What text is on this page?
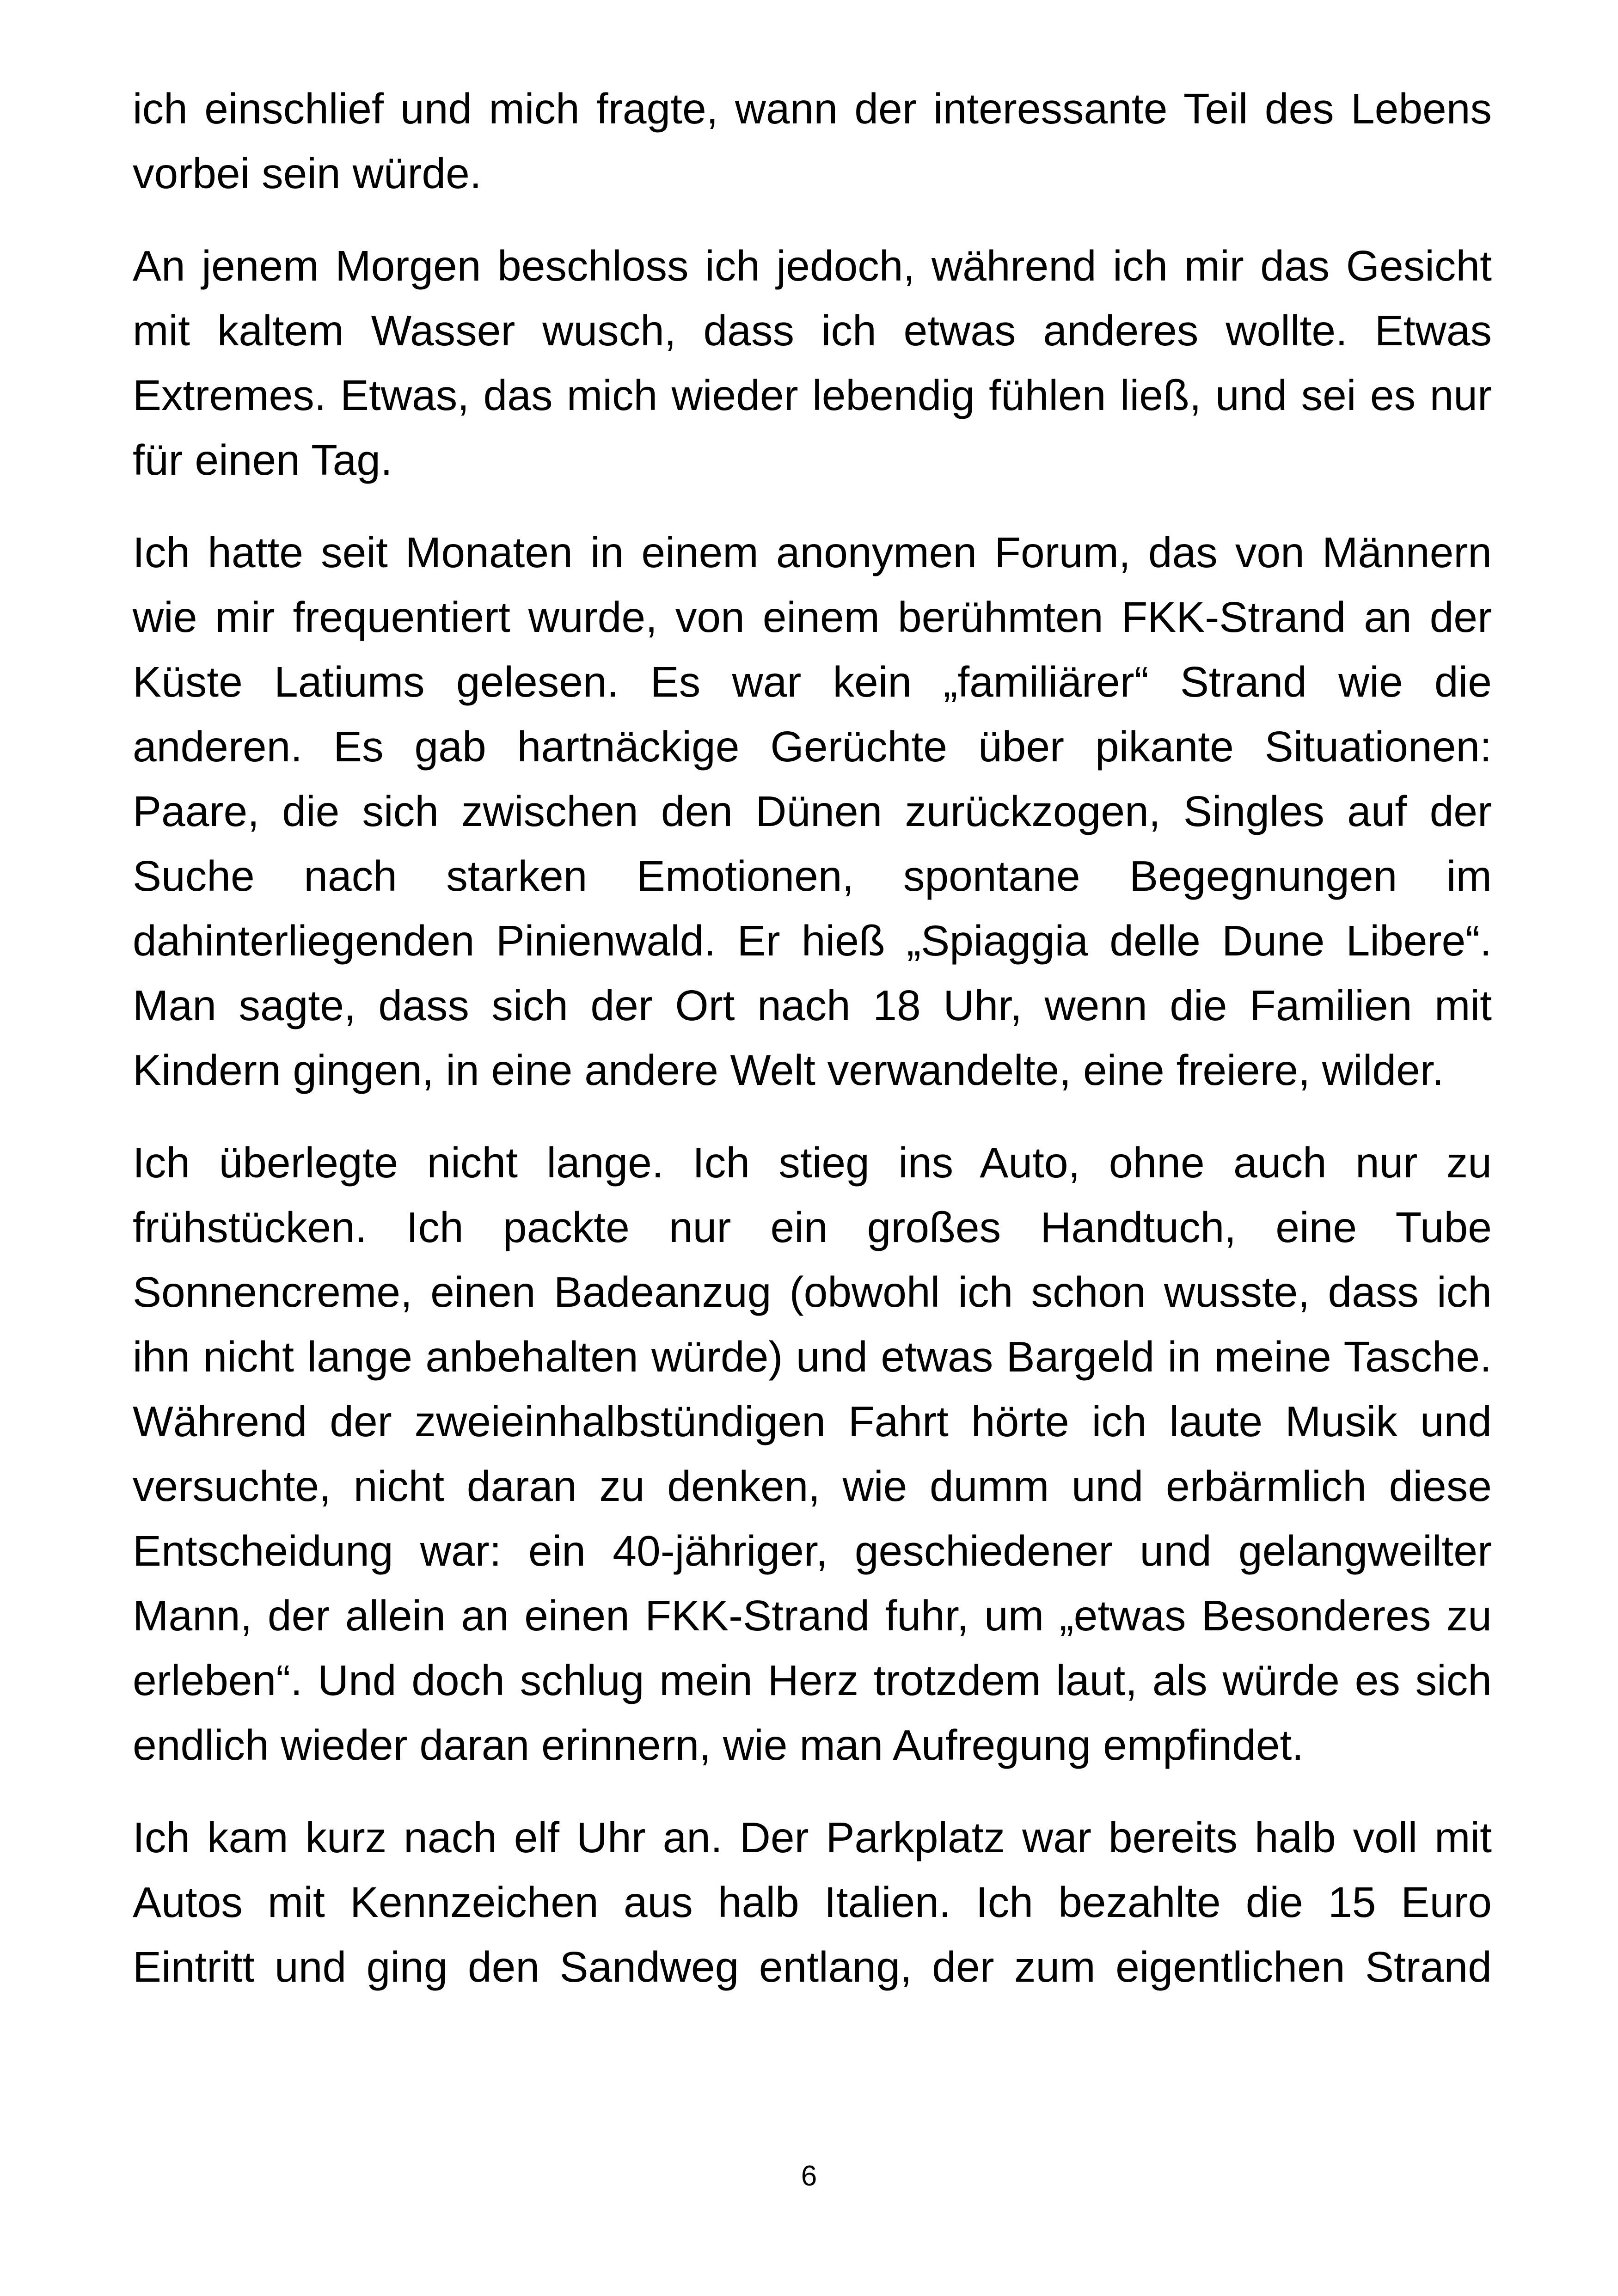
ich einschlief und mich fragte, wann der interessante Teil des Lebens vorbei sein würde.

An jenem Morgen beschloss ich jedoch, während ich mir das Gesicht mit kaltem Wasser wusch, dass ich etwas anderes wollte. Etwas Extremes. Etwas, das mich wieder lebendig fühlen ließ, und sei es nur für einen Tag.

Ich hatte seit Monaten in einem anonymen Forum, das von Männern wie mir frequentiert wurde, von einem berühmten FKK-Strand an der Küste Latiums gelesen. Es war kein „familiärer“ Strand wie die anderen. Es gab hartnäckige Gerüchte über pikante Situationen: Paare, die sich zwischen den Dünen zurückzogen, Singles auf der Suche nach starken Emotionen, spontane Begegnungen im dahinterliegenden Pinienwald. Er hieß „Spiaggia delle Dune Libere“. Man sagte, dass sich der Ort nach 18 Uhr, wenn die Familien mit Kindern gingen, in eine andere Welt verwandelte, eine freiere, wilder.

Ich überlegte nicht lange. Ich stieg ins Auto, ohne auch nur zu frühstücken. Ich packte nur ein großes Handtuch, eine Tube Sonnencreme, einen Badeanzug (obwohl ich schon wusste, dass ich ihn nicht lange anbehalten würde) und etwas Bargeld in meine Tasche. Während der zweieinhalbstündigen Fahrt hörte ich laute Musik und versuchte, nicht daran zu denken, wie dumm und erbärmlich diese Entscheidung war: ein 40-jähriger, geschiedener und gelangweilter Mann, der allein an einen FKK-Strand fuhr, um „etwas Besonderes zu erleben“. Und doch schlug mein Herz trotzdem laut, als würde es sich endlich wieder daran erinnern, wie man Aufregung empfindet.

Ich kam kurz nach elf Uhr an. Der Parkplatz war bereits halb voll mit Autos mit Kennzeichen aus halb Italien. Ich bezahlte die 15 Euro Eintritt und ging den Sandweg entlang, der zum eigentlichen Strand

6
